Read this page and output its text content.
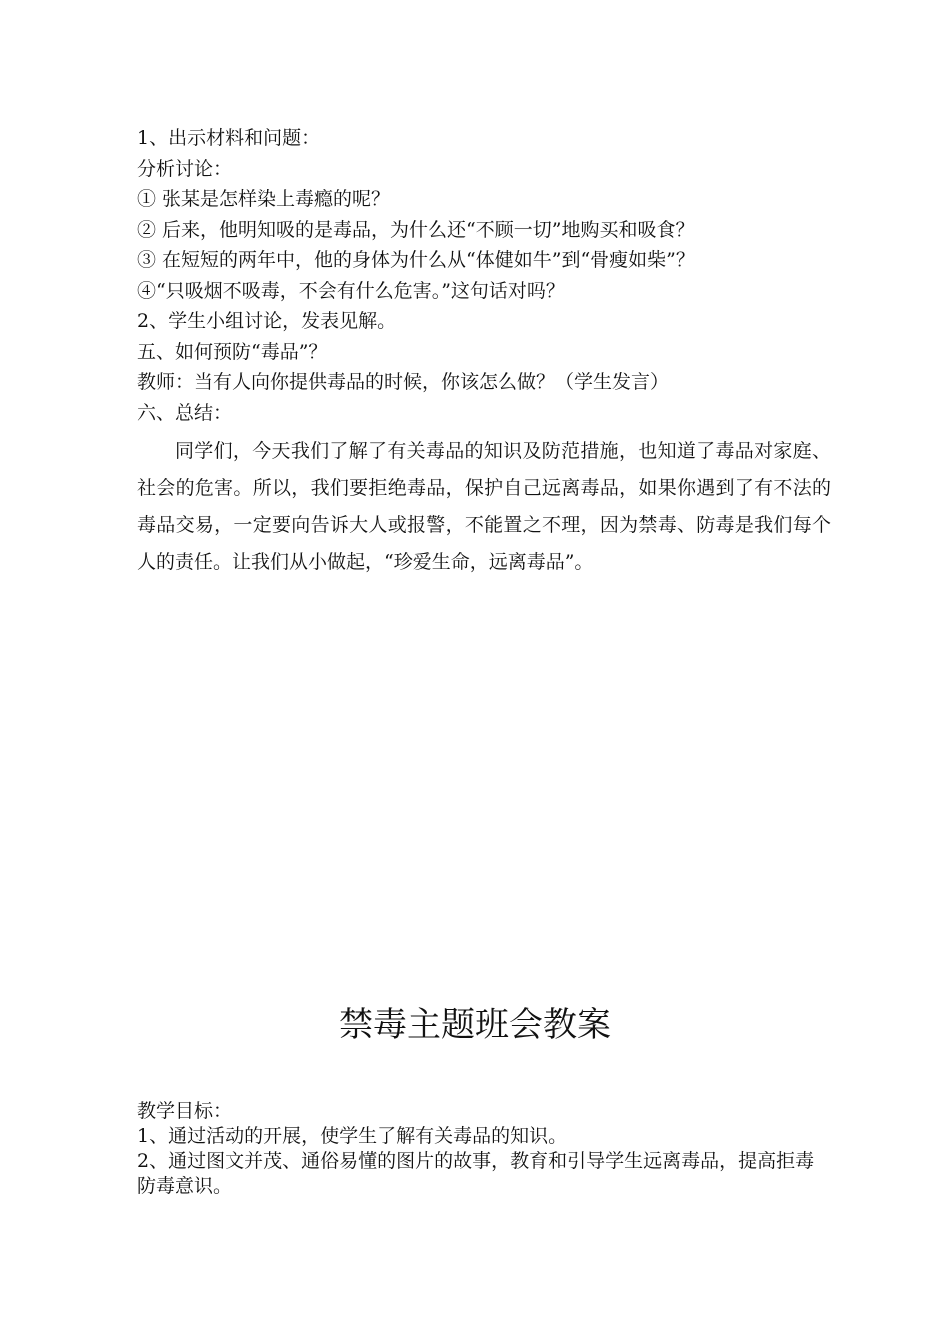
1、出示材料和问题：

分析讨论：

① 张某是怎样染上毒瘾的呢？

② 后来，他明知吸的是毒品，为什么还“不顾一切”地购买和吸食？

③ 在短短的两年中，他的身体为什么从“体健如牛”到“骨瘦如柴”？

④“只吸烟不吸毒，不会有什么危害。”这句话对吗？

2、学生小组讨论，发表见解。

五、如何预防“毒品”？

教师：当有人向你提供毒品的时候，你该怎么做？（学生发言）

六、总结：

同学们，今天我们了解了有关毒品的知识及防范措施，也知道了毒品对家庭、社会的危害。所以，我们要拒绝毒品，保护自己远离毒品，如果你遇到了有不法的毒品交易，一定要向告诉大人或报警，不能置之不理，因为禁毒、防毒是我们每个人的责任。让我们从小做起，“珍爱生命，远离毒品”。

禁毒主题班会教案

教学目标：

1、通过活动的开展，使学生了解有关毒品的知识。

2、通过图文并茂、通俗易懂的图片的故事，教育和引导学生远离毒品，提高拒毒防毒意识。
